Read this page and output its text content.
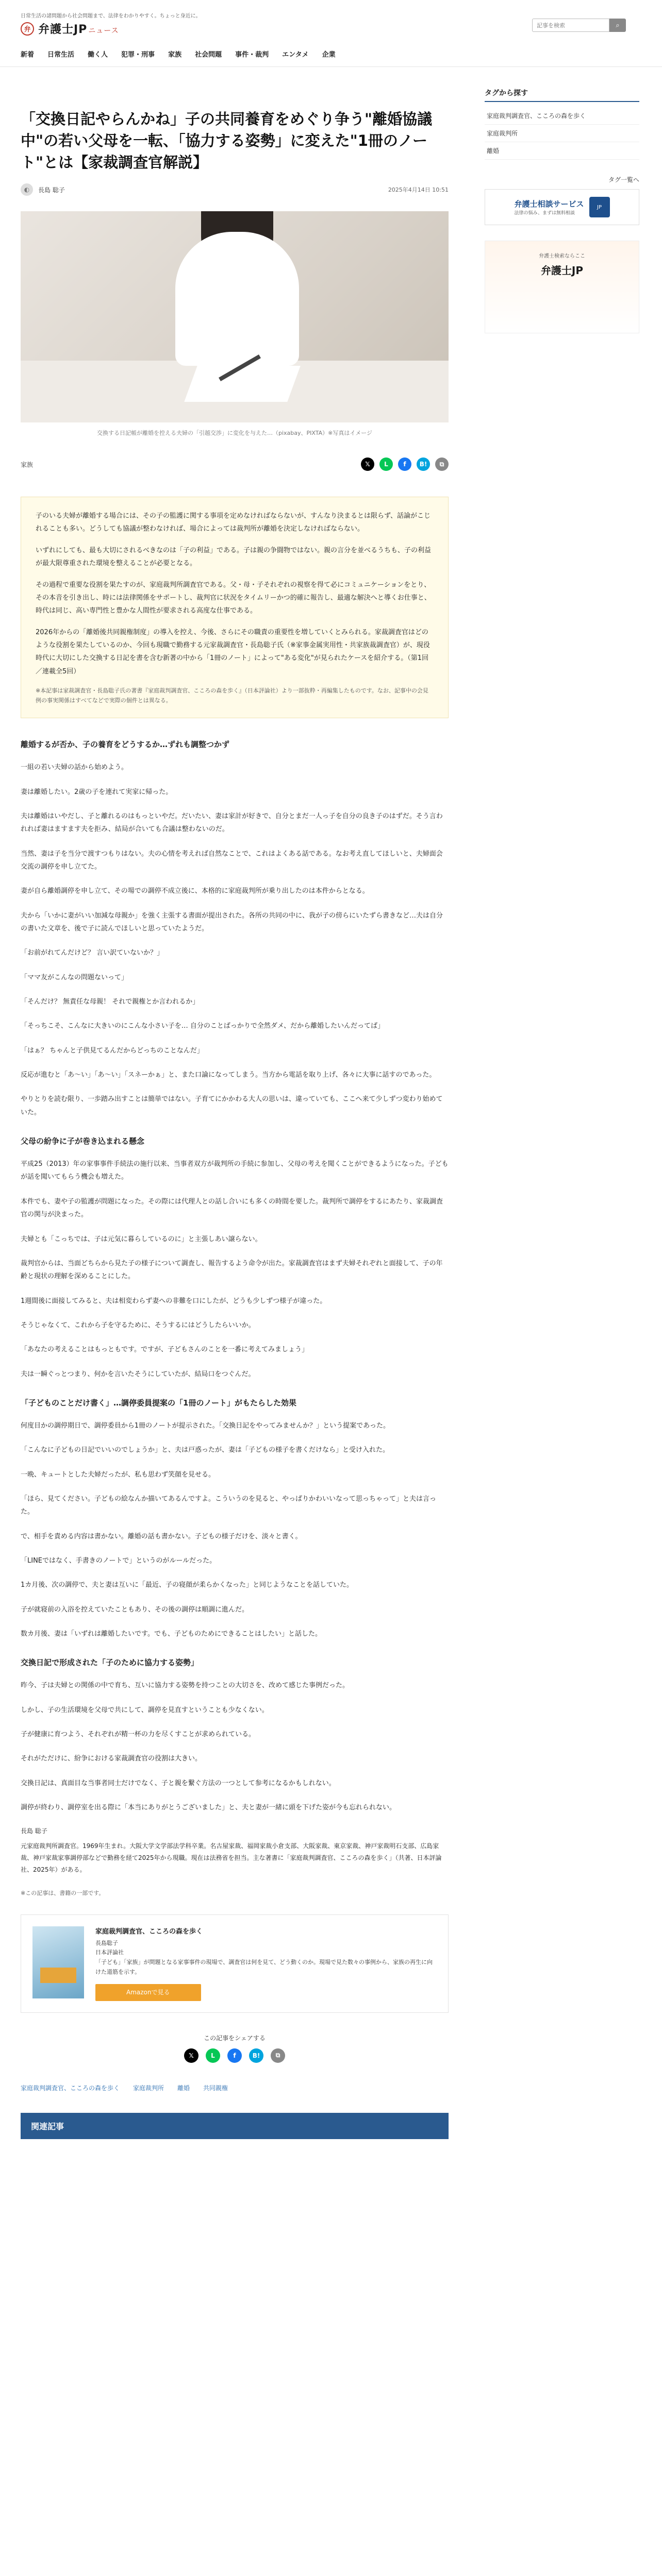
日常生活の諸問題から社会問題まで、法律をわかりやすく。ちょっと身近に。
弁 弁護士JP ニュース
記事を検索
⌕
新着 日常生活 働く人 犯罪・刑事 家族 社会問題 事件・裁判 エンタメ 企業
「交換日記やらんかね」子の共同養育をめぐり争う"離婚協議中"の若い父母を一転、「協力する姿勢」に変えた"1冊のノート"とは【家裁調査官解説】
◐	長島 聡子	2025年4月14日 10:51
交換する日記帳が離婚を控える夫婦の「引越交渉」に変化を与えた…（pixabay、PIXTA）※写真はイメージ
家族	𝕏	L	f	B!	⧉

子のいる夫婦が離婚する場合には、その子の監護に関する事項を定めなければならないが、すんなり決まるとは限らず、話論がこじれることも多い。どうしても協議が整わなければ、場合によっては裁判所が離婚を決定しなければならない。

いずれにしても、最も大切にされるべきなのは「子の利益」である。子は親の争闘物ではない。親の言分を並べるうちも、子の利益が最大限尊重された環境を整えることが必要となる。

その過程で重要な役割を果たすのが、家庭裁判所調査官である。父・母・子それぞれの視察を得て必にコミュニケーションをとり、その本音を引き出し、時には法律関係をサポートし、裁判官に状況をタイムリーかつ的確に報告し、最適な解決へと導くお仕事と、時代は同じ、高い専門性と豊かな人間性が要求される高度な仕事である。

2026年からの「離婚後共同親権制度」の導入を控え、今後、さらにその職責の重要性を増していくとみられる。家裁調査官はどのような役割を果たしているのか、今回も現職で勤務する元家裁調査官・長島聡子氏（※家事金属実用性・共家族裁調査官）が、現役時代に大切にした交換する日記を書を含む新著の中から「1冊のノート」によって"ある変化"が見られたケースを紹介する。（第1回／連載全5回）

※本記事は家裁調査官・長島聡子氏の著書『家庭裁判調査官、こころの森を歩く』（日本評論社）より一部抜粋・再編集したものです。なお、記事中の会見例の事実関係はすべてなどで実際の個件とは異なる。

離婚するが否か、子の養育をどうするか…ずれも調整つかず

一組の若い夫婦の話から始めよう。

妻は離婚したい。2歳の子を連れて実家に帰った。

夫は離婚はいやだし、子と離れるのはもっといやだ。だいたい、妻は家計が好きで、自分とまだ一人っ子を自分の良き子のはずだ。そう言われれば妻はますます夫を拒み、結局が合いても合議は整わないのだ。

当然、妻は子を当分で渡すつもりはない。夫の心情を考えれば自然なことで、これはよくある話である。なお考え直してほしいと、夫婦面会交流の調停を申し立てた。

妻が自ら離婚調停を申し立て、その場での調停不成立後に、本格的に家庭裁判所が乗り出したのは本件からとなる。

夫から「いかに妻がいい加減な母親か」を強く主張する書面が提出された。各所の共同の中に、我が子の傍らにいたずら書きなど…夫は自分の書いた文章を、後で子に読んでほしいと思っていたようだ。

「お前がれてんだけど？ 言い訳ていないか？」

「ママ友がこんなの問題ないって」

「そんだけ？ 無責任な母親！ それで親権とか言われるか」

「そっちこそ、こんなに大きいのにこんな小さい子を… 自分のことばっかりで全然ダメ、だから離婚したいんだってば」

「はぁ？ ちゃんと子供見てるんだからどっちのことなんだ」

反応が進むと「あ～い」「あ～い」「スネーかぁ」と、また口論になってしまう。当方から電話を取り上げ、各々に大事に話すのであった。

やりとりを読む限り、一歩踏み出すことは簡単ではない。子育てにかかわる大人の思いは、違っていても、ここへ来て少しずつ変わり始めていた。

父母の紛争に子が巻き込まれる懸念

平成25（2013）年の家事事件手続法の施行以来、当事者双方が裁判所の手続に参加し、父母の考えを聞くことができるようになった。子どもが話を聞いてもらう機会も増えた。

本件でも、妻や子の監護が問題になった。その際には代理人との話し合いにも多くの時間を要した。裁判所で調停をするにあたり、家裁調査官の関与が決まった。

夫婦とも「こっちでは、子は元気に暮らしているのに」と主張しあい譲らない。

裁判官からは、当面どちらから見た子の様子について調査し、報告するよう命令が出た。家裁調査官はまず夫婦それぞれと面接して、子の年齢と現状の理解を深めることにした。

1週間後に面接してみると、夫は相変わらず妻への非難を口にしたが、どうも少しずつ様子が違った。

そうじゃなくて、これから子を守るために、そうするにはどうしたらいいか。

「あなたの考えることはもっともです。ですが、子どもさんのことを一番に考えてみましょう」

夫は一瞬ぐっとつまり、何かを言いたそうにしていたが、結局口をつぐんだ。

「子どものことだけ書く」…調停委員提案の「1冊のノート」がもたらした効果

何度目かの調停期日で、調停委員から1冊のノートが提示された。「交換日記をやってみませんか？」という提案であった。

「こんなに子どもの日記でいいのでしょうか」と、夫は戸惑ったが、妻は「子どもの様子を書くだけなら」と受け入れた。

一晩、キュートとした夫婦だったが、私も思わず笑顔を見せる。

「ほら、見てください。子どもの絵なんか描いてあるんですよ。こういうのを見ると、やっぱりかわいいなって思っちゃって」と夫は言った。

で、相手を責める内容は書かない。離婚の話も書かない。子どもの様子だけを、淡々と書く。

「LINEではなく、手書きのノートで」というのがルールだった。

1カ月後、次の調停で、夫と妻は互いに「最近、子の寝顔が柔らかくなった」と同じようなことを話していた。

子が就寝前の入浴を控えていたこともあり、その後の調停は順調に進んだ。

数カ月後、妻は「いずれは離婚したいです。でも、子どものためにできることはしたい」と話した。

交換日記で形成された「子のために協力する姿勢」

昨今、子は夫婦との関係の中で育ち、互いに協力する姿勢を持つことの大切さを、改めて感じた事例だった。

しかし、子の生活環境を父母で共にして、調停を見直すということも少なくない。

子が健康に育つよう、それぞれが精一杯の力を尽くすことが求められている。

それがただけに、紛争における家裁調査官の役割は大きい。

交換日記は、真面目な当事者同士だけでなく、子と親を繋ぐ方法の一つとして参考になるかもしれない。

調停が終わり、調停室を出る際に「本当にありがとうございました」と、夫と妻が一緒に頭を下げた姿が今も忘れられない。

長島 聡子

元家庭裁判所調査官。1969年生まれ。大阪大学文学部法学科卒業。名古屋家裁、福岡家裁小倉支部、大阪家裁、東京家裁、神戸家裁明石支部、広島家裁、神戸家裁家事調停部などで勤務を経て2025年から現職。現在は法務省を担当。主な著書に「家庭裁判調査官、こころの森を歩く」（共著、日本評論社、2025年）がある。

※この記事は、書籍の一部です。

家庭裁判調査官、こころの森を歩く
長島聡子
日本評論社
「子ども」「家族」が問題となる家事事件の現場で、調査官は何を見て、どう動くのか。現場で見た数々の事例から、家族の再生に向けた道筋を示す。
Amazonで見る
この記事をシェアする
𝕏	L	f	B!	⧉
家庭裁判調査官、こころの森を歩く 家庭裁判所 離婚 共同親権
関連記事
タグから探す
家庭裁判調査官、こころの森を歩く
家庭裁判所
離婚
タグ一覧へ
弁護士相談サービス
法律の悩み、まずは無料相談
JP
弁護士検索ならここ
弁護士JP
